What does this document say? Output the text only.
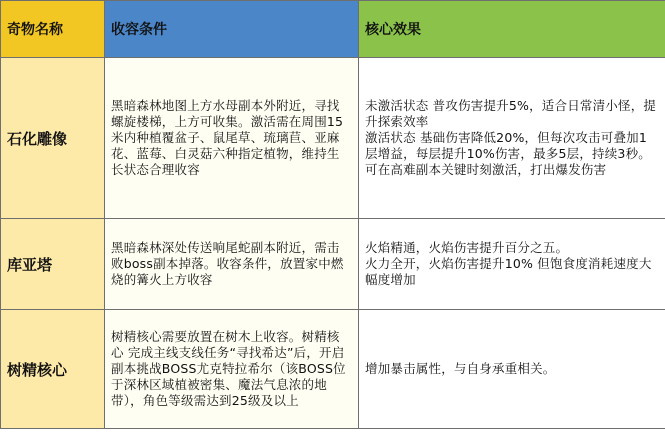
奇物名称	收容条件	核心效果
石化雕像	黑暗森林地图上方水母副本外附近，寻找螺旋楼梯，上方可收集。激活需在周围15米内种植覆盆子、鼠尾草、琉璃苣、亚麻花、蓝莓、白灵菇六种指定植物，维持生长状态合理收容	未激活状态 普攻伤害提升5%，适合日常清小怪，提升探索效率
激活状态 基础伤害降低20%，但每次攻击可叠加1层增益，每层提升10%伤害，最多5层，持续3秒。可在高难副本关键时刻激活，打出爆发伤害

库亚塔	黑暗森林深处传送响尾蛇副本附近，需击败boss副本掉落。收容条件，放置家中燃烧的篝火上方收容	火焰精通，火焰伤害提升百分之五。
火力全开，火焰伤害提升10% 但饱食度消耗速度大幅度增加

树精核心	树精核心需要放置在树木上收容。树精核心 完成主线支线任务“寻找希达”后，开启副本挑战BOSS尤克特拉希尔（该BOSS位于深林区域植被密集、魔法气息浓的地带），角色等级需达到25级及以上	增加暴击属性，与自身承重相关。
